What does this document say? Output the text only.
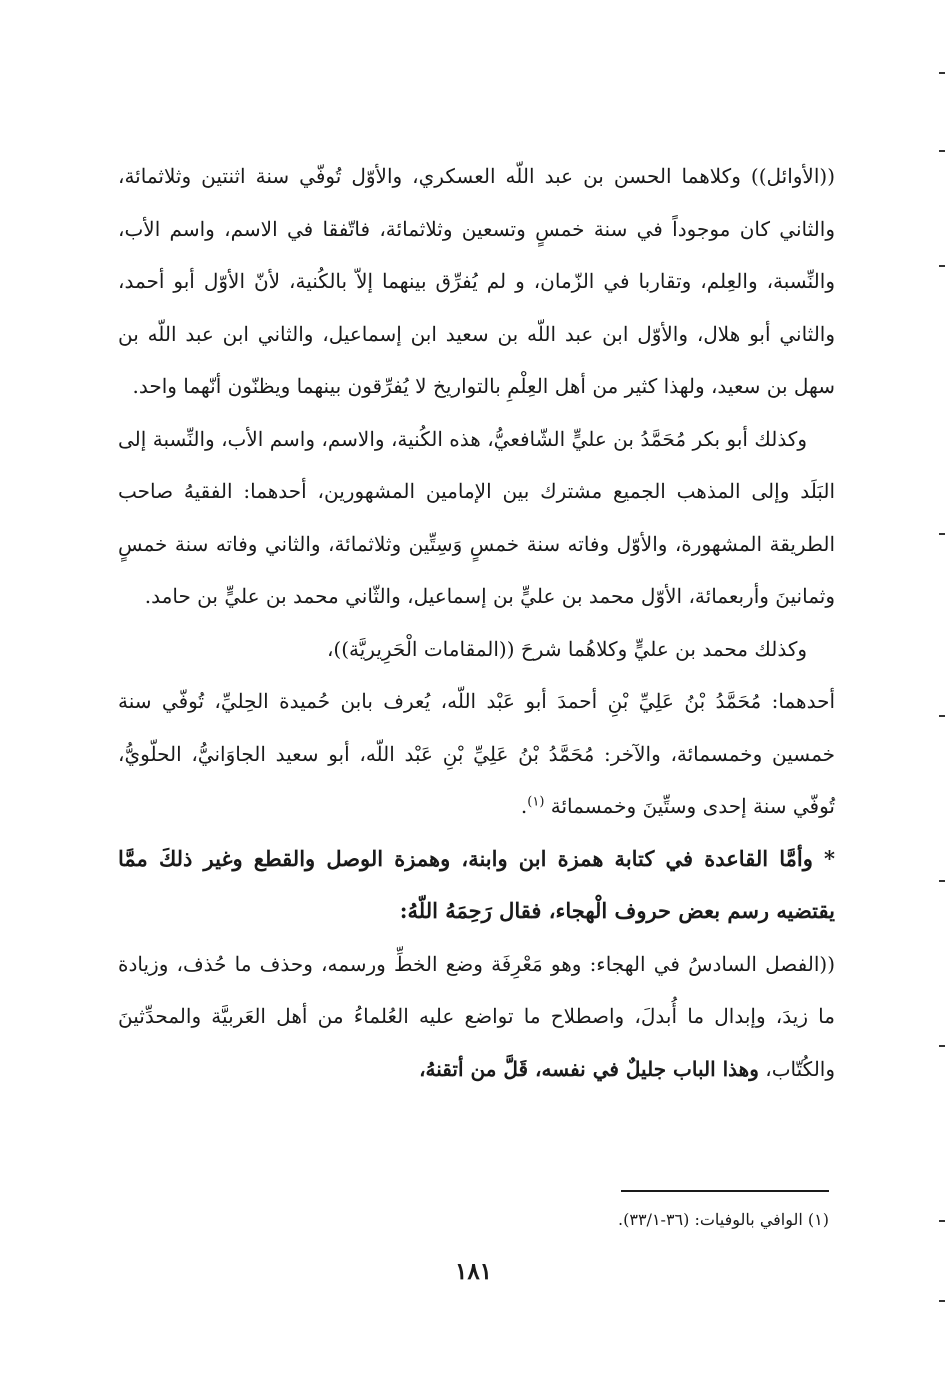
((الأوائل)) وكلاهما الحسن بن عبد اللّه العسكري، والأوّل تُوفّي سنة اثنتين وثلاثمائة، والثاني كان موجوداً في سنة خمسٍ وتسعين وثلاثمائة، فاتّفقا في الاسم، واسم الأب، والنِّسبة، والعِلم، وتقاربا في الزّمان، و لم يُفرِّق بينهما إلاّ بالكُنية، لأنّ الأوّل أبو أحمد، والثاني أبو هلال، والأوّل ابن عبد اللّه بن سعيد ابن إسماعيل، والثاني ابن عبد اللّه بن سهل بن سعيد، ولهذا كثير من أهل العِلْمِ بالتواريخ لا يُفرِّقون بينهما ويظنّون أنّهما واحد.

وكذلك أبو بكر مُحَمَّدُ بن عليٍّ الشّافعيُّ، هذه الكُنية، والاسم، واسم الأب، والنِّسبة إلى البَلَد وإلى المذهب الجميع مشترك بين الإمامين المشهورين، أحدهما: الفقيهُ صاحب الطريقة المشهورة، والأوّل وفاته سنة خمسٍ وَسِتِّين وثلاثمائة، والثاني وفاته سنة خمسٍ وثمانينَ وأربعمائة، الأوّل محمد بن عليٍّ بن إسماعيل، والثّاني محمد بن عليٍّ بن حامد.

وكذلك محمد بن عليٍّ وكلاهُما شرحَ ((المقامات الْحَرِيريَّة))،

أحدهما: مُحَمَّدُ بْنُ عَلِيِّ بْنِ أحمدَ أبو عَبْد اللّه، يُعرف بابن حُميدة الحِليِّ، تُوفّي سنة خمسين وخمسمائة، والآخر: مُحَمَّدُ بْنُ عَلِيِّ بْنِ عَبْد اللّه، أبو سعيد الجاوَانيُّ، الحلّويُّ، تُوفّي سنة إحدى وستِّينَ وخمسمائة $^{(١)}$.

* وأمَّا القاعدة في كتابة همزة ابن وابنة، وهمزة الوصل والقطع وغير ذلكَ ممَّا يقتضيه رسم بعض حروف الْهجاء، فقال رَحِمَهُ اللّهُ:

((الفصل السادسُ في الهجاء: وهو مَعْرِفَة وضع الخطِّ ورسمه، وحذف ما حُذف، وزيادة ما زيدَ، وإبدال ما أُبدلَ، واصطلاح ما تواضع عليه العُلماءُ من أهل العَربيَّة والمحدِّثينَ والكُتّاب، وهذا الباب جليلٌ في نفسه، قَلَّ من أتقنهُ،

(١) الوافي بالوفيات: (٣٦-٣٣/١).
١٨١
